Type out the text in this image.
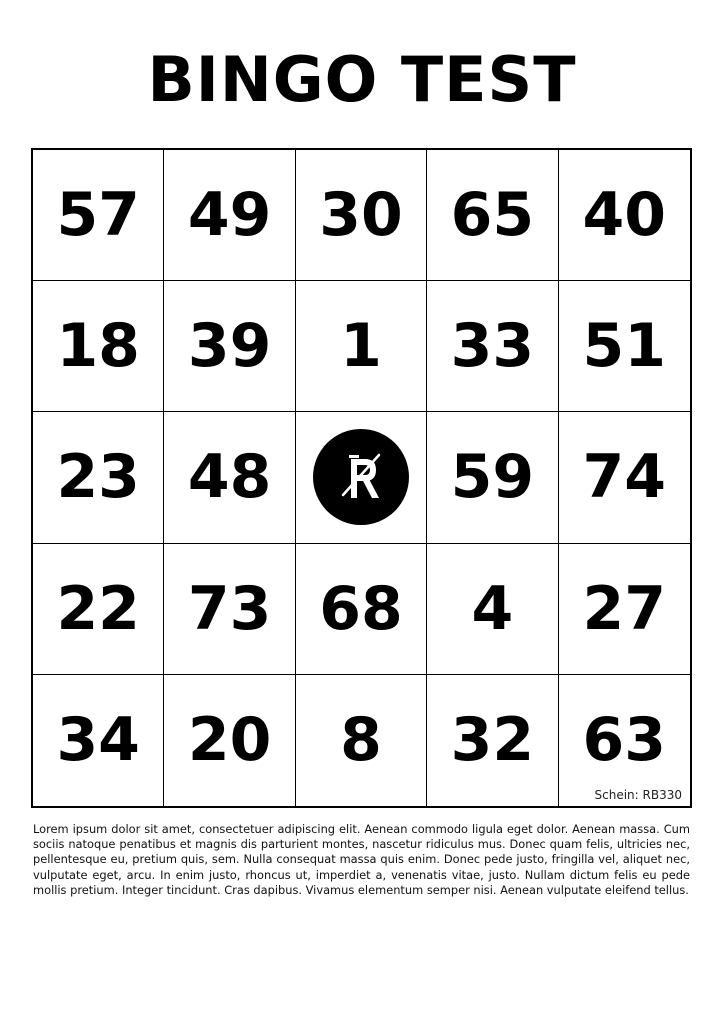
BINGO TEST
57 49 30 65 40
18 39 1 33 51
23 48	59 74
22 73 68 4 27
34 20 8 32 63
Schein: RB330
Lorem ipsum dolor sit amet, consectetuer adipiscing elit. Aenean commodo ligula eget dolor. Aenean massa. Cum sociis natoque penatibus et magnis dis parturient montes, nascetur ridiculus mus. Donec quam felis, ultricies nec, pellentesque eu, pretium quis, sem. Nulla consequat massa quis enim. Donec pede justo, fringilla vel, aliquet nec, vulputate eget, arcu. In enim justo, rhoncus ut, imperdiet a, venenatis vitae, justo. Nullam dictum felis eu pede mollis pretium. Integer tincidunt. Cras dapibus. Vivamus elementum semper nisi. Aenean vulputate eleifend tellus.
